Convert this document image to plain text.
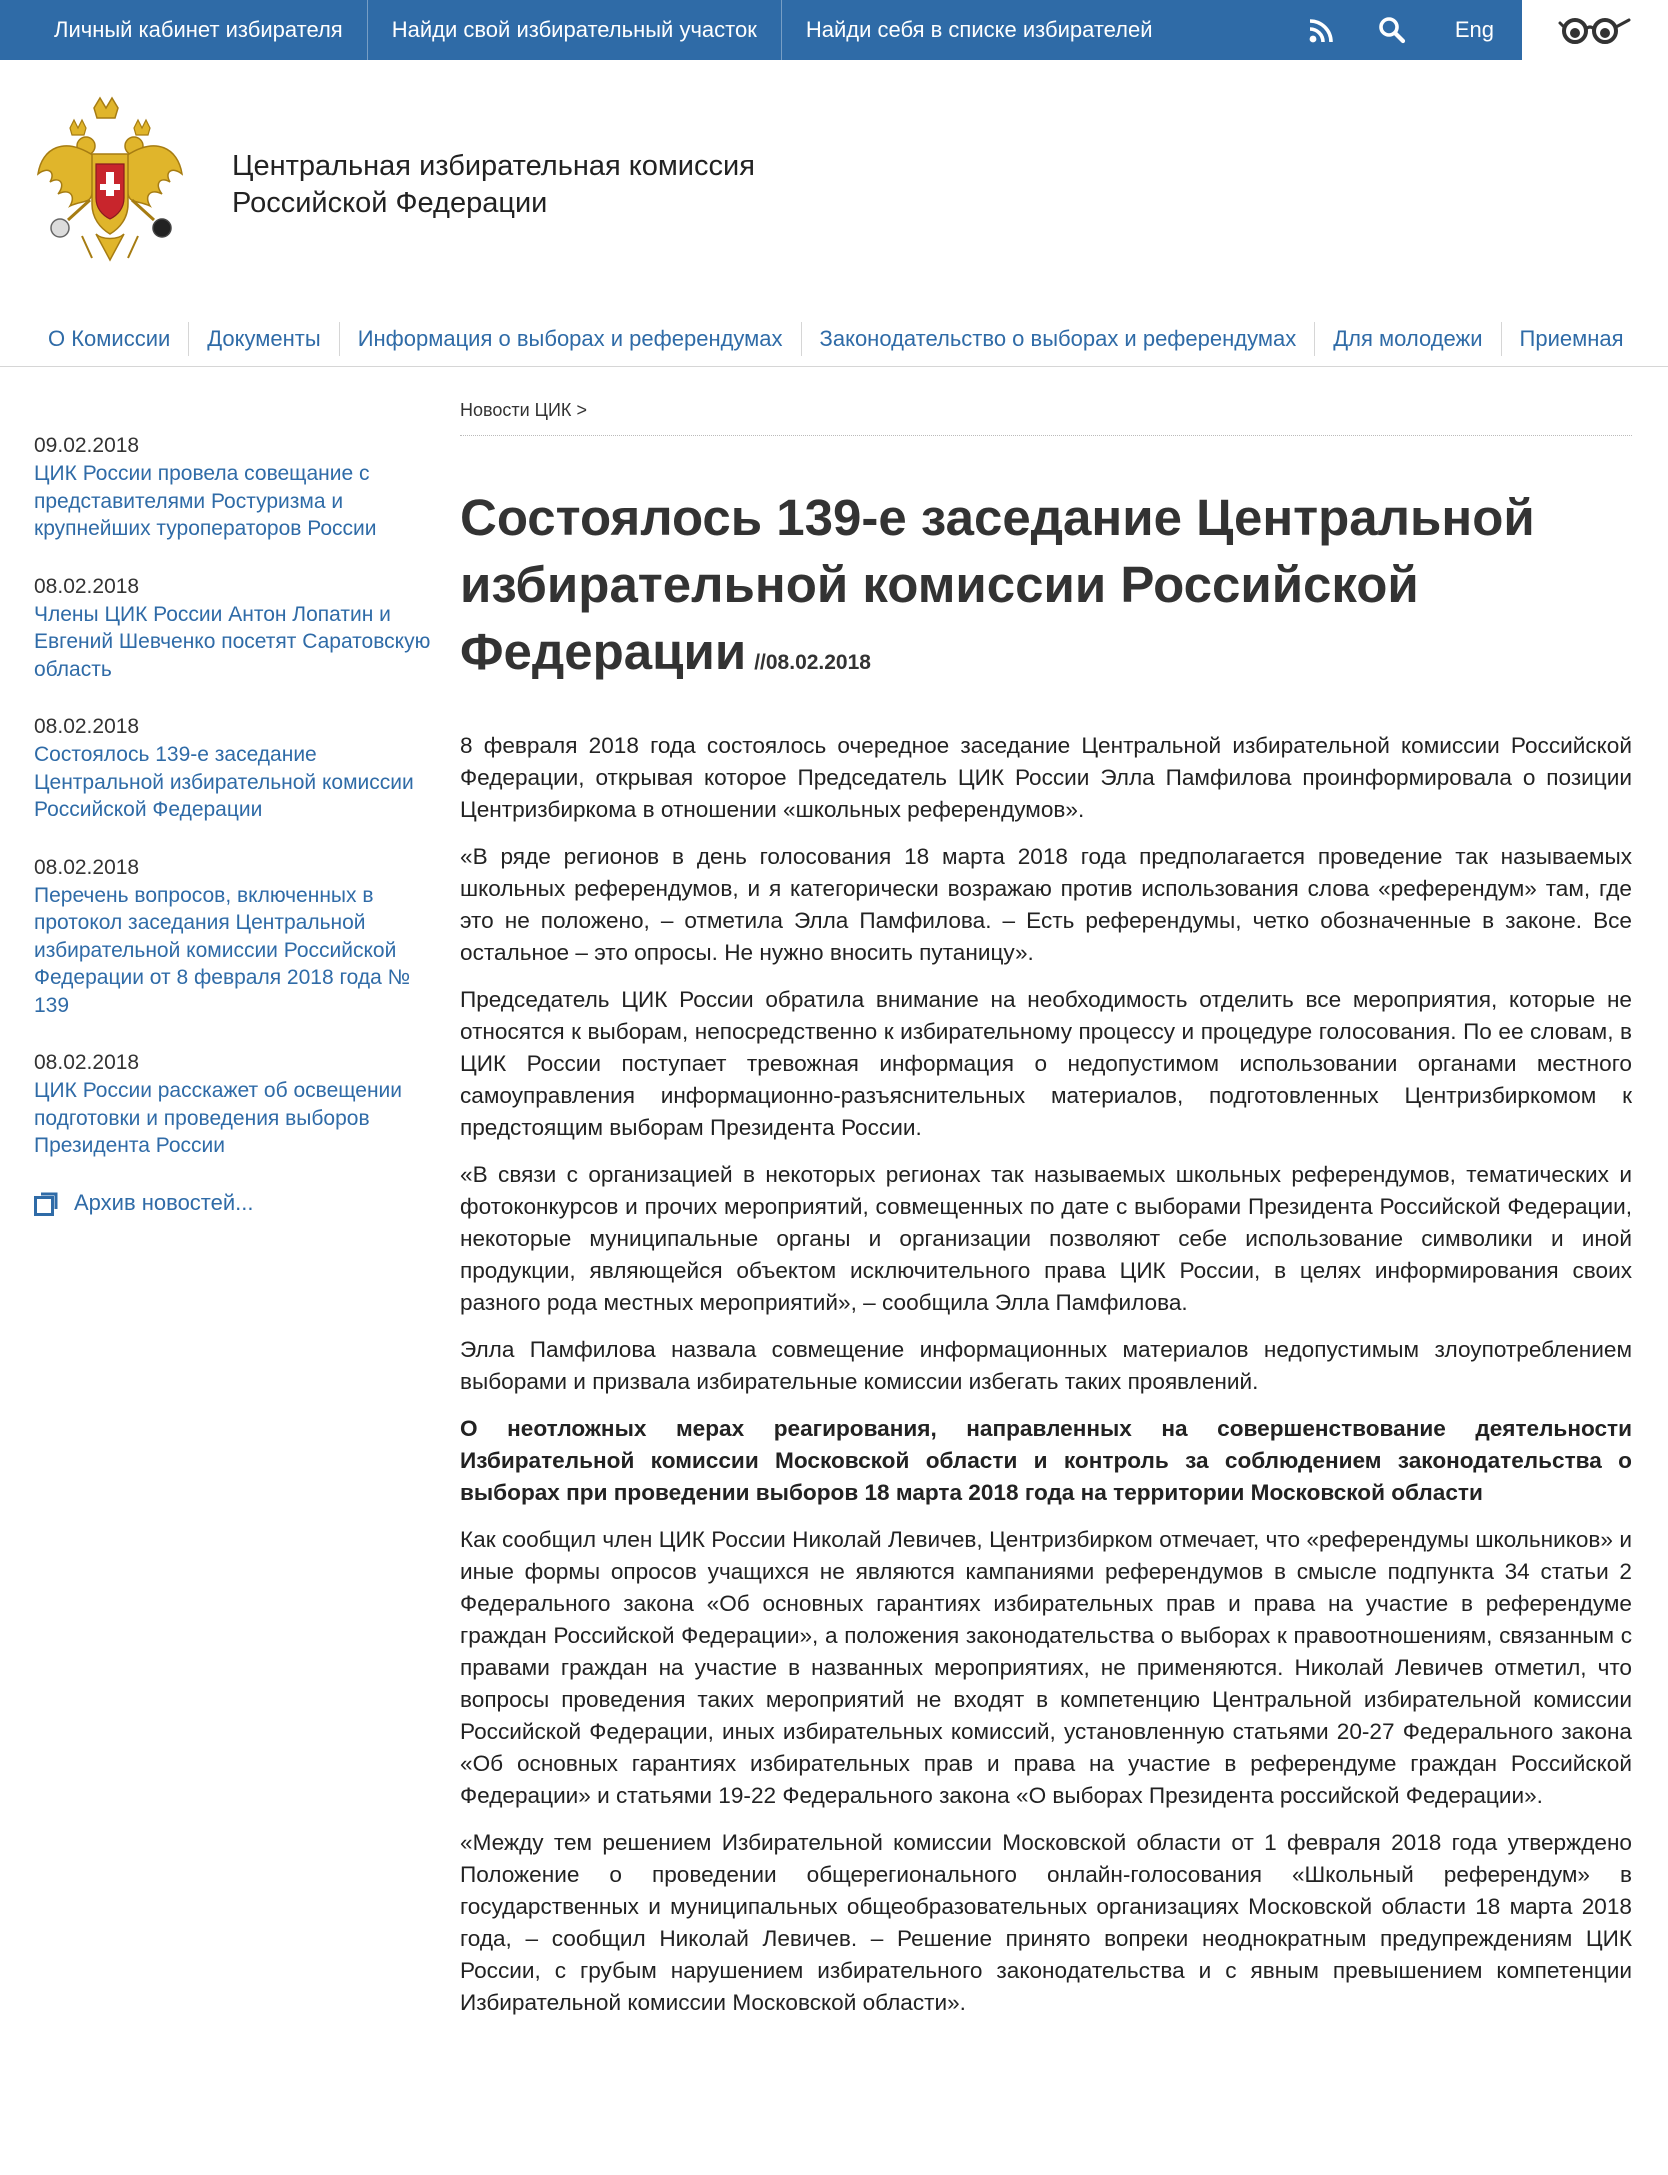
Личный кабинет избирателя	Найди свой избирательный участок	Найди себя в списке избирателей	Eng
Центральная избирательная комиссия
Российской Федерации
О Комиссии	Документы	Информация о выборах и референдумах	Законодательство о выборах и референдумах	Для молодежи	Приемная
09.02.2018
ЦИК России провела совещание с представителями Ростуризма и крупнейших туроператоров России
08.02.2018
Члены ЦИК России Антон Лопатин и Евгений Шевченко посетят Саратовскую область
08.02.2018
Состоялось 139-е заседание Центральной избирательной комиссии Российской Федерации
08.02.2018
Перечень вопросов, включенных в протокол заседания Центральной избирательной комиссии Российской Федерации от 8 февраля 2018 года № 139
08.02.2018
ЦИК России расскажет об освещении подготовки и проведения выборов Президента России
Архив новостей...
Новости ЦИК >
Состоялось 139-е заседание Центральной избирательной комиссии Российской Федерации //08.02.2018

8 февраля 2018 года состоялось очередное заседание Центральной избирательной комиссии Российской Федерации, открывая которое Председатель ЦИК России Элла Памфилова проинформировала о позиции Центризбиркома в отношении «школьных референдумов».

«В ряде регионов в день голосования 18 марта 2018 года предполагается проведение так называемых школьных референдумов, и я категорически возражаю против использования слова «референдум» там, где это не положено, – отметила Элла Памфилова. – Есть референдумы, четко обозначенные в законе. Все остальное – это опросы. Не нужно вносить путаницу».

Председатель ЦИК России обратила внимание на необходимость отделить все мероприятия, которые не относятся к выборам, непосредственно к избирательному процессу и процедуре голосования. По ее словам, в ЦИК России поступает тревожная информация о недопустимом использовании органами местного самоуправления информационно-разъяснительных материалов, подготовленных Центризбиркомом к предстоящим выборам Президента России.

«В связи с организацией в некоторых регионах так называемых школьных референдумов, тематических и фотоконкурсов и прочих мероприятий, совмещенных по дате с выборами Президента Российской Федерации, некоторые муниципальные органы и организации позволяют себе использование символики и иной продукции, являющейся объектом исключительного права ЦИК России, в целях информирования своих разного рода местных мероприятий», – сообщила Элла Памфилова.

Элла Памфилова назвала совмещение информационных материалов недопустимым злоупотреблением выборами и призвала избирательные комиссии избегать таких проявлений.

О неотложных мерах реагирования, направленных на совершенствование деятельности Избирательной комиссии Московской области и контроль за соблюдением законодательства о выборах при проведении выборов 18 марта 2018 года на территории Московской области

Как сообщил член ЦИК России Николай Левичев, Центризбирком отмечает, что «референдумы школьников» и иные формы опросов учащихся не являются кампаниями референдумов в смысле подпункта 34 статьи 2 Федерального закона «Об основных гарантиях избирательных прав и права на участие в референдуме граждан Российской Федерации», а положения законодательства о выборах к правоотношениям, связанным с правами граждан на участие в названных мероприятиях, не применяются. Николай Левичев отметил, что вопросы проведения таких мероприятий не входят в компетенцию Центральной избирательной комиссии Российской Федерации, иных избирательных комиссий, установленную статьями 20-27 Федерального закона «Об основных гарантиях избирательных прав и права на участие в референдуме граждан Российской Федерации» и статьями 19-22 Федерального закона «О выборах Президента российской Федерации».

«Между тем решением Избирательной комиссии Московской области от 1 февраля 2018 года утверждено Положение о проведении общерегионального онлайн-голосования «Школьный референдум» в государственных и муниципальных общеобразовательных организациях Московской области 18 марта 2018 года, – сообщил Николай Левичев. – Решение принято вопреки неоднократным предупреждениям ЦИК России, с грубым нарушением избирательного законодательства и с явным превышением компетенции Избирательной комиссии Московской области».
